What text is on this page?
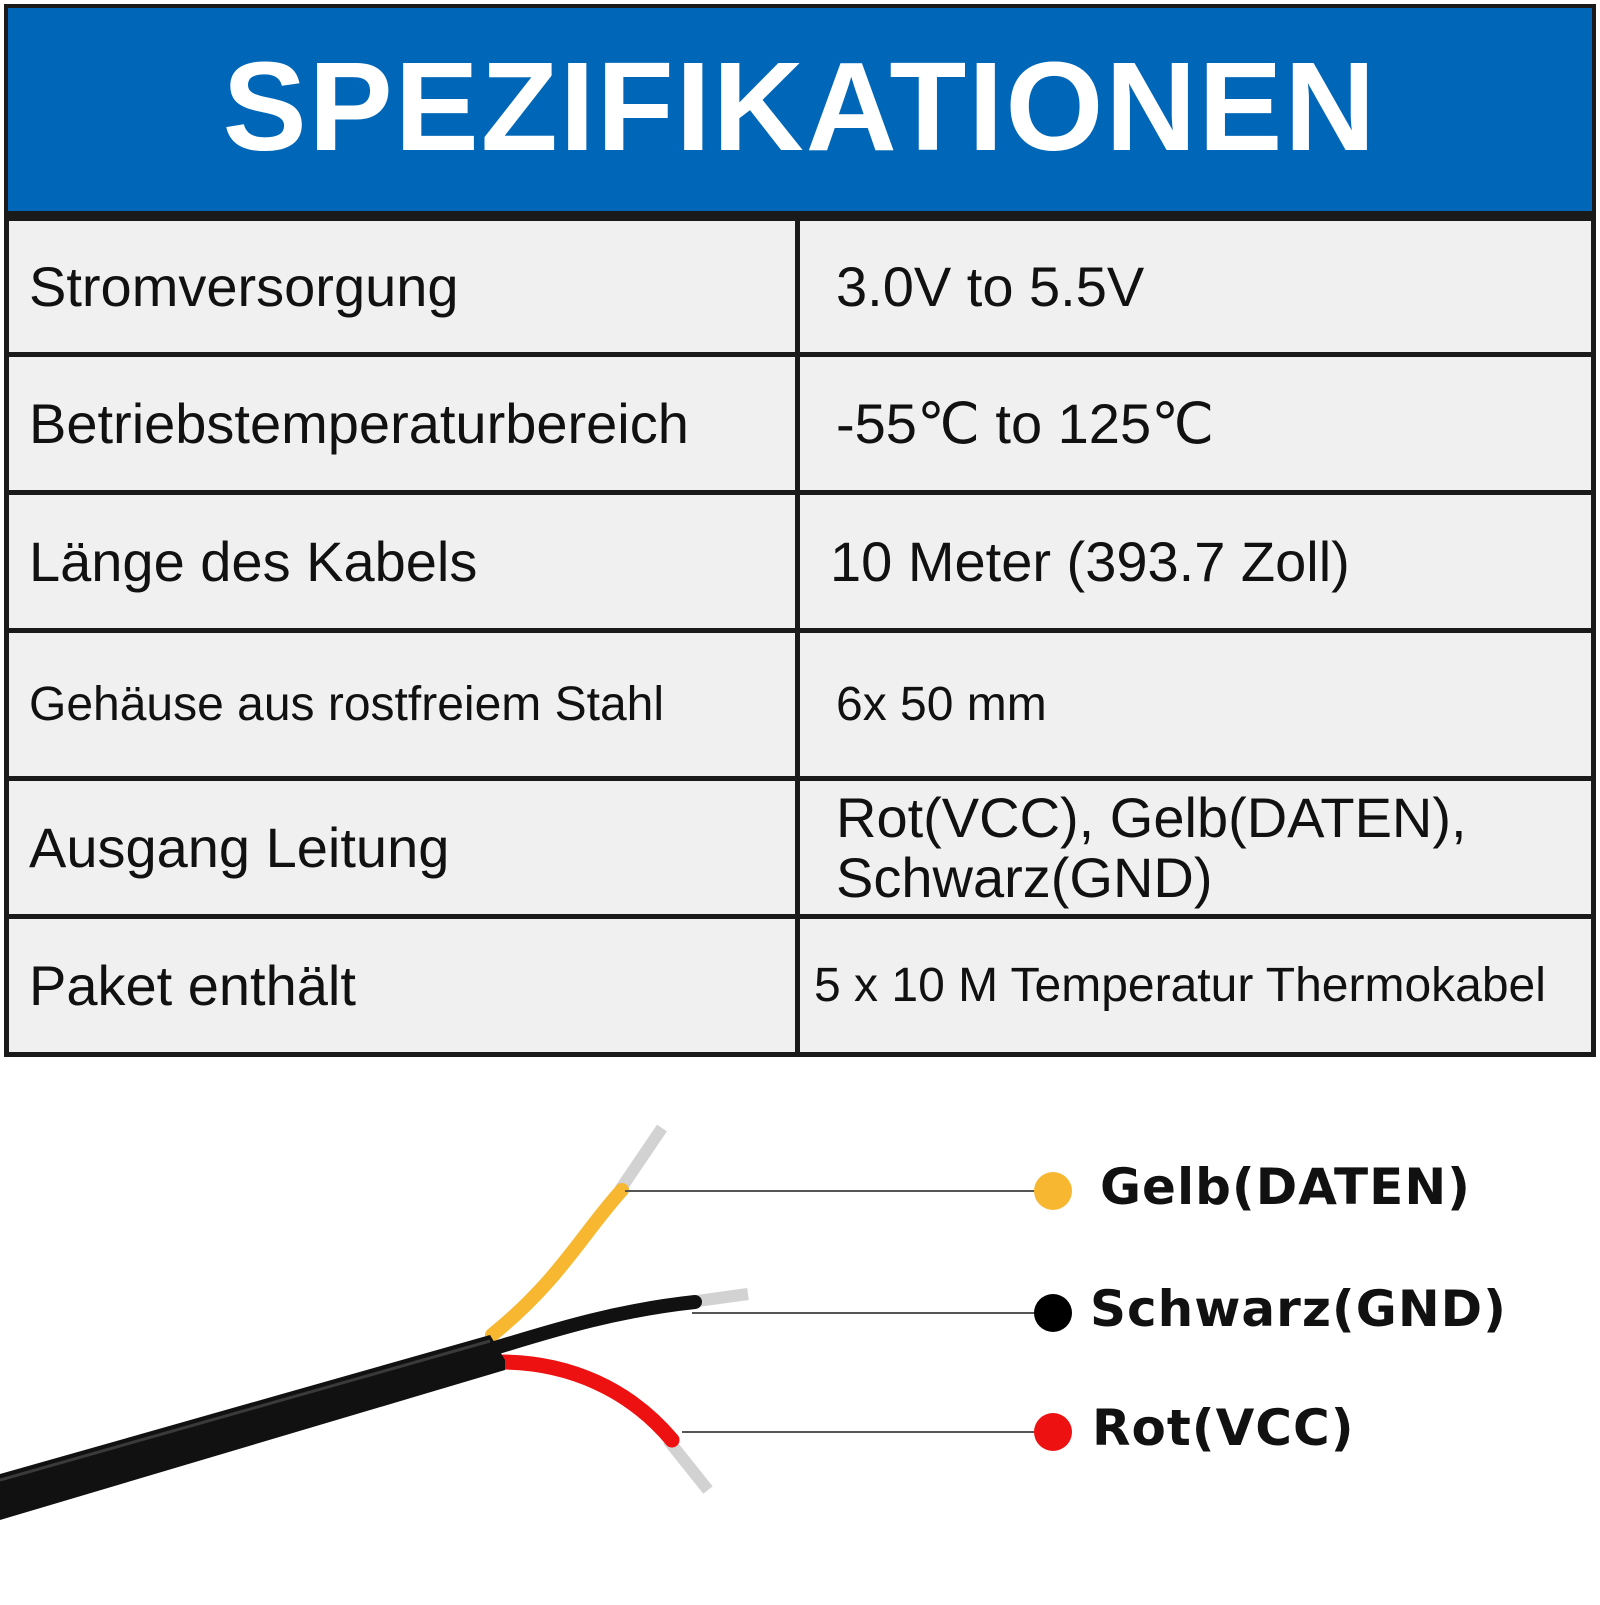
SPEZIFIKATIONEN
Stromversorgung	3.0V to 5.5V
Betriebstemperaturbereich	-55℃ to 125℃
Länge des Kabels	10 Meter (393.7 Zoll)
Gehäuse aus rostfreiem Stahl	6x 50 mm
Ausgang Leitung	Rot(VCC), Gelb(DATEN), Schwarz(GND)
Paket enthält	5 x 10 M Temperatur Thermokabel
Gelb(DATEN)
Schwarz(GND)
Rot(VCC)
